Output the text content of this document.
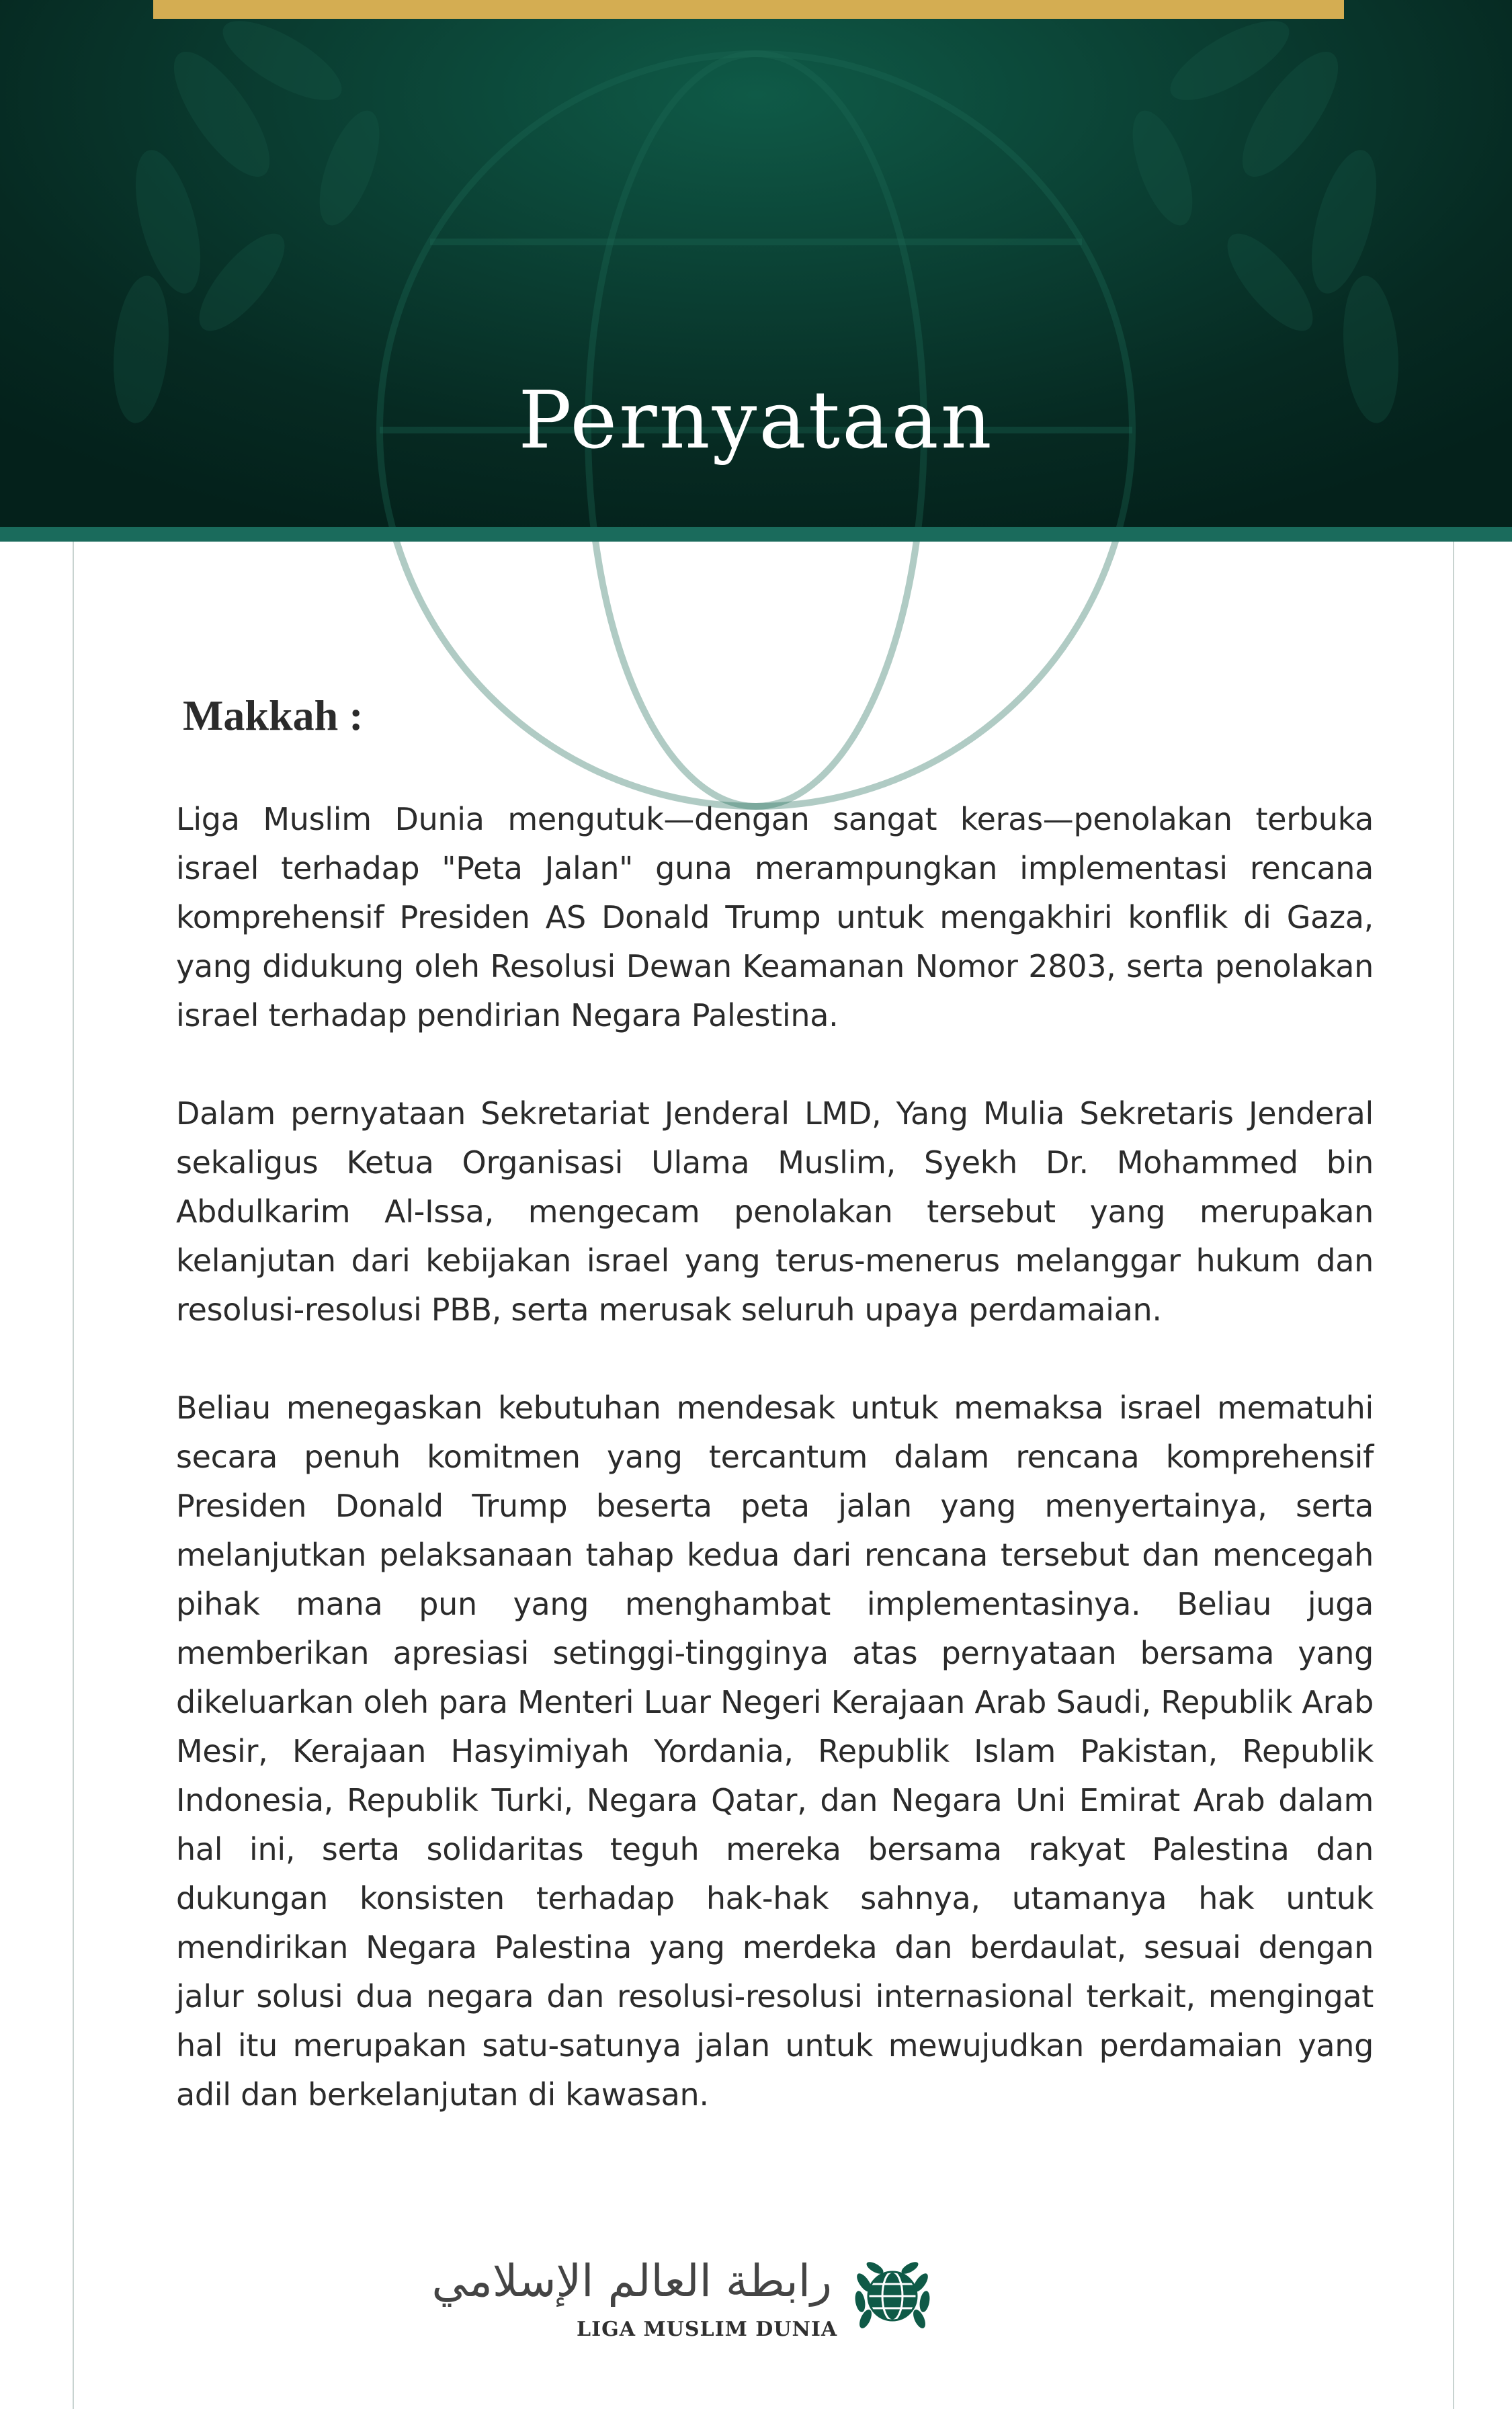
Pernyataan
Makkah :

Liga Muslim Dunia mengutuk—dengan sangat keras—penolakan terbuka israel terhadap "Peta Jalan" guna merampungkan implementasi rencana komprehensif Presiden AS Donald Trump untuk mengakhiri konflik di Gaza, yang didukung oleh Resolusi Dewan Keamanan Nomor 2803, serta penolakan israel terhadap pendirian Negara Palestina.

Dalam pernyataan Sekretariat Jenderal LMD, Yang Mulia Sekretaris Jenderal sekaligus Ketua Organisasi Ulama Muslim, Syekh Dr. Mohammed bin Abdulkarim Al-Issa, mengecam penolakan tersebut yang merupakan kelanjutan dari kebijakan israel yang terus-menerus melanggar hukum dan resolusi-resolusi PBB, serta merusak seluruh upaya perdamaian.

Beliau menegaskan kebutuhan mendesak untuk memaksa israel mematuhi secara penuh komitmen yang tercantum dalam rencana komprehensif Presiden Donald Trump beserta peta jalan yang menyertainya, serta melanjutkan pelaksanaan tahap kedua dari rencana tersebut dan mencegah pihak mana pun yang menghambat implementasinya. Beliau juga memberikan apresiasi setinggi-tingginya atas pernyataan bersama yang dikeluarkan oleh para Menteri Luar Negeri Kerajaan Arab Saudi, Republik Arab Mesir, Kerajaan Hasyimiyah Yordania, Republik Islam Pakistan, Republik Indonesia, Republik Turki, Negara Qatar, dan Negara Uni Emirat Arab dalam hal ini, serta solidaritas teguh mereka bersama rakyat Palestina dan dukungan konsisten terhadap hak-hak sahnya, utamanya hak untuk mendirikan Negara Palestina yang merdeka dan berdaulat, sesuai dengan jalur solusi dua negara dan resolusi-resolusi internasional terkait, mengingat hal itu merupakan satu-satunya jalan untuk mewujudkan perdamaian yang adil dan berkelanjutan di kawasan.

رابطة العالم الإسلامي
LIGA MUSLIM DUNIA
